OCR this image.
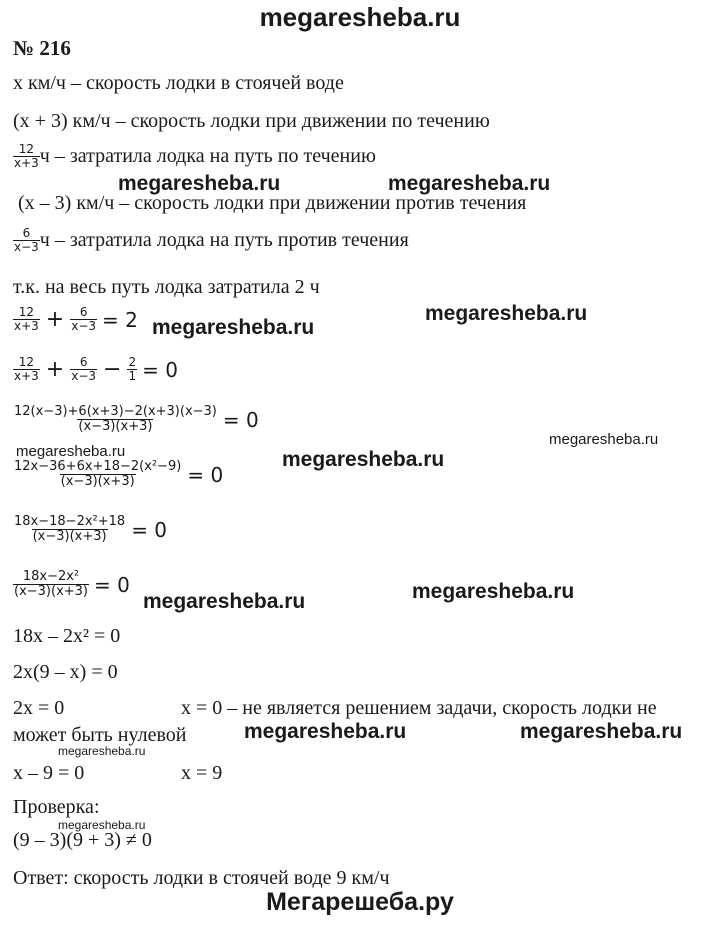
megaresheba.ru
№ 216
x км/ч – скорость лодки в стоячей воде
(x + 3) км/ч – скорость лодки при движении по течению
$\frac{12}{x+3}$ ч – затратила лодка на путь по течению
(x – 3) км/ч – скорость лодки при движении против течения
$\frac{6}{x-3}$ ч – затратила лодка на путь против течения
т.к. на весь путь лодка затратила 2 ч
$\frac{12}{x+3} + \frac{6}{x-3} = 2$
$\frac{12}{x+3} + \frac{6}{x-3} - \frac{2}{1} = 0$
$\frac{12(x-3)+6(x+3)-2(x+3)(x-3)}{(x-3)(x+3)} = 0$
$\frac{\text{12x−36+6x+18−2(x²−9)}}{(x-3)(x+3)} = 0$
$\frac{\text{18x−18−2x²+18}}{(x-3)(x+3)} = 0$
$\frac{\text{18x−2x²}}{(x-3)(x+3)} = 0$
18x – 2x² = 0
2x(9 – x) = 0
2x = 0	x = 0 – не является решением задачи, скорость лодки не
может быть нулевой
x – 9 = 0	x = 9
Проверка:
(9 – 3)(9 + 3) ≠ 0
Ответ: скорость лодки в стоячей воде 9 км/ч
megaresheba.ru	megaresheba.ru
megaresheba.ru
megaresheba.ru
megaresheba.ru
megaresheba.ru	megaresheba.ru
megaresheba.ru
megaresheba.ru
megaresheba.ru	megaresheba.ru
megaresheba.ru
megaresheba.ru
Мегарешеба.ру
